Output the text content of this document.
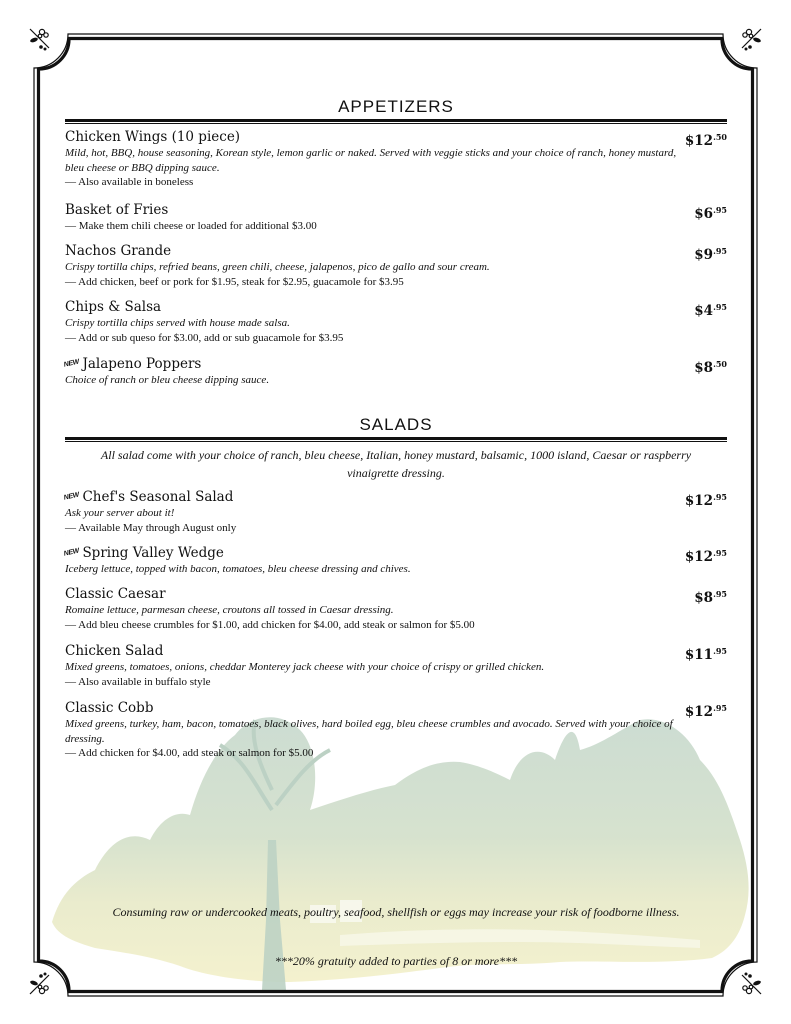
APPETIZERS
Chicken Wings (10 piece)	$\$12^{.50}$
Mild, hot, BBQ, house seasoning, Korean style, lemon garlic or naked. Served with veggie sticks and your choice of ranch, honey mustard, bleu cheese or BBQ dipping sauce.
— Also available in boneless
Basket of Fries	$\$6^{.95}$
— Make them chili cheese or loaded for additional $3.00
Nachos Grande	$\$9^{.95}$
Crispy tortilla chips, refried beans, green chili, cheese, jalapenos, pico de gallo and sour cream.
— Add chicken, beef or pork for $1.95, steak for $2.95, guacamole for $3.95
Chips & Salsa	$\$4^{.95}$
Crispy tortilla chips served with house made salsa.
— Add or sub queso for $3.00, add or sub guacamole for $3.95
NEW Jalapeno Poppers	$\$8^{.50}$
Choice of ranch or bleu cheese dipping sauce.
SALADS
All salad come with your choice of ranch, bleu cheese, Italian, honey mustard, balsamic, 1000 island, Caesar or raspberry vinaigrette dressing.
NEW Chef's Seasonal Salad	$\$12^{.95}$
Ask your server about it!
— Available May through August only
NEW Spring Valley Wedge	$\$12^{.95}$
Iceberg lettuce, topped with bacon, tomatoes, bleu cheese dressing and chives.
Classic Caesar	$\$8^{.95}$
Romaine lettuce, parmesan cheese, croutons all tossed in Caesar dressing.
— Add bleu cheese crumbles for $1.00, add chicken for $4.00, add steak or salmon for $5.00
Chicken Salad	$\$11^{.95}$
Mixed greens, tomatoes, onions, cheddar Monterey jack cheese with your choice of crispy or grilled chicken.
— Also available in buffalo style
Classic Cobb	$\$12^{.95}$
Mixed greens, turkey, ham, bacon, tomatoes, black olives, hard boiled egg, bleu cheese crumbles and avocado. Served with your choice of dressing.
— Add chicken for $4.00, add steak or salmon for $5.00
Consuming raw or undercooked meats, poultry, seafood, shellfish or eggs may increase your risk of foodborne illness.
***20% gratuity added to parties of 8 or more***
